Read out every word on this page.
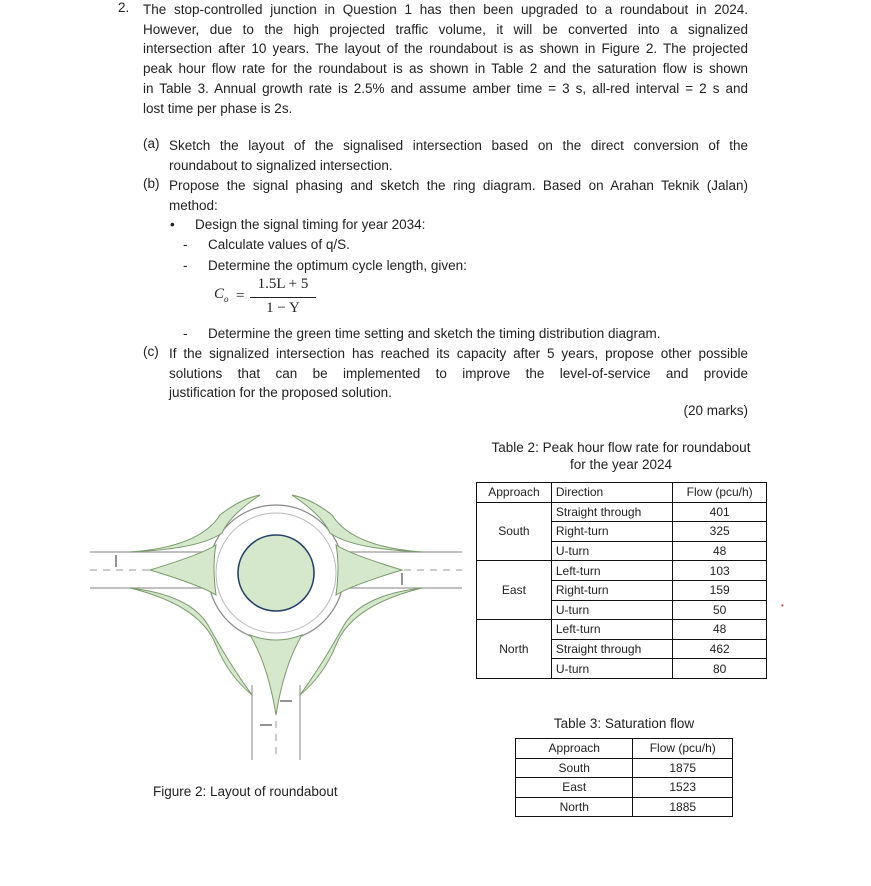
2. The stop-controlled junction in Question 1 has then been upgraded to a roundabout in 2024.
However, due to the high projected traffic volume, it will be converted into a signalized
intersection after 10 years. The layout of the roundabout is as shown in Figure 2. The projected
peak hour flow rate for the roundabout is as shown in Table 2 and the saturation flow is shown
in Table 3. Annual growth rate is 2.5% and assume amber time = 3 s, all-red interval = 2 s and
lost time per phase is 2s.
(a) Sketch the layout of the signalised intersection based on the direct conversion of the
roundabout to signalized intersection.
(b) Propose the signal phasing and sketch the ring diagram. Based on Arahan Teknik (Jalan)
method:
• Design the signal timing for year 2034:
- Calculate values of q/S.
- Determine the optimum cycle length, given:
$C_o$ =
1.5L + 5
1 − Y
- Determine the green time setting and sketch the timing distribution diagram.
(c) If the signalized intersection has reached its capacity after 5 years, propose other possible
solutions that can be implemented to improve the level-of-service and provide
justification for the proposed solution.
(20 marks)
Figure 2: Layout of roundabout
Table 2: Peak hour flow rate for roundabout
for the year 2024
Approach	Direction	Flow (pcu/h)
South	Straight through	401
	Right-turn	325
	U-turn	48
East	Left-turn	103
	Right-turn	159
	U-turn	50
North	Left-turn	48
	Straight through	462
	U-turn	80
•
Table 3: Saturation flow
Approach	Flow (pcu/h)
South	1875
East	1523
North	1885
